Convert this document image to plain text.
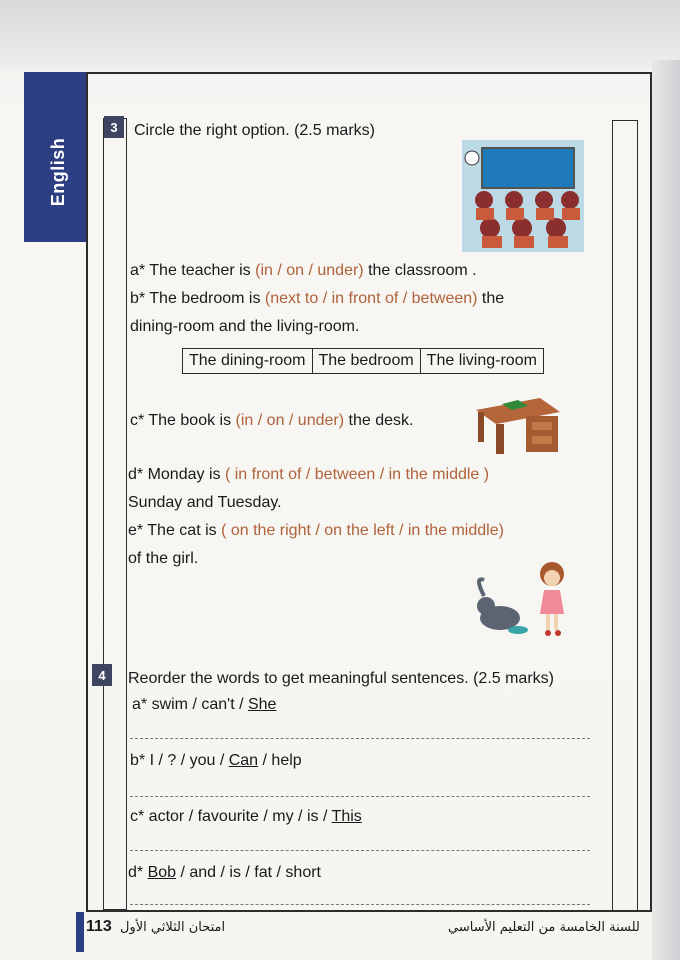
English
3	Circle the right option. (2.5 marks)
a* The teacher is (in / on / under) the classroom .
b* The bedroom is (next to / in front of / between) the
dining-room and the living-room.
The dining-room	The bedroom	The living-room
c* The book is (in / on / under) the desk.
d* Monday is ( in front of / between / in the middle )
Sunday and Tuesday.
e* The cat is ( on the right / on the left / in the middle)
of the girl.
4	Reorder the words to get meaningful sentences. (2.5 marks)
a* swim / can't / She
b* I / ? / you / Can / help
c* actor / favourite / my / is / This
d* Bob / and / is / fat / short
113 امتحان الثلاثي الأول	للسنة الخامسة من التعليم الأساسي
